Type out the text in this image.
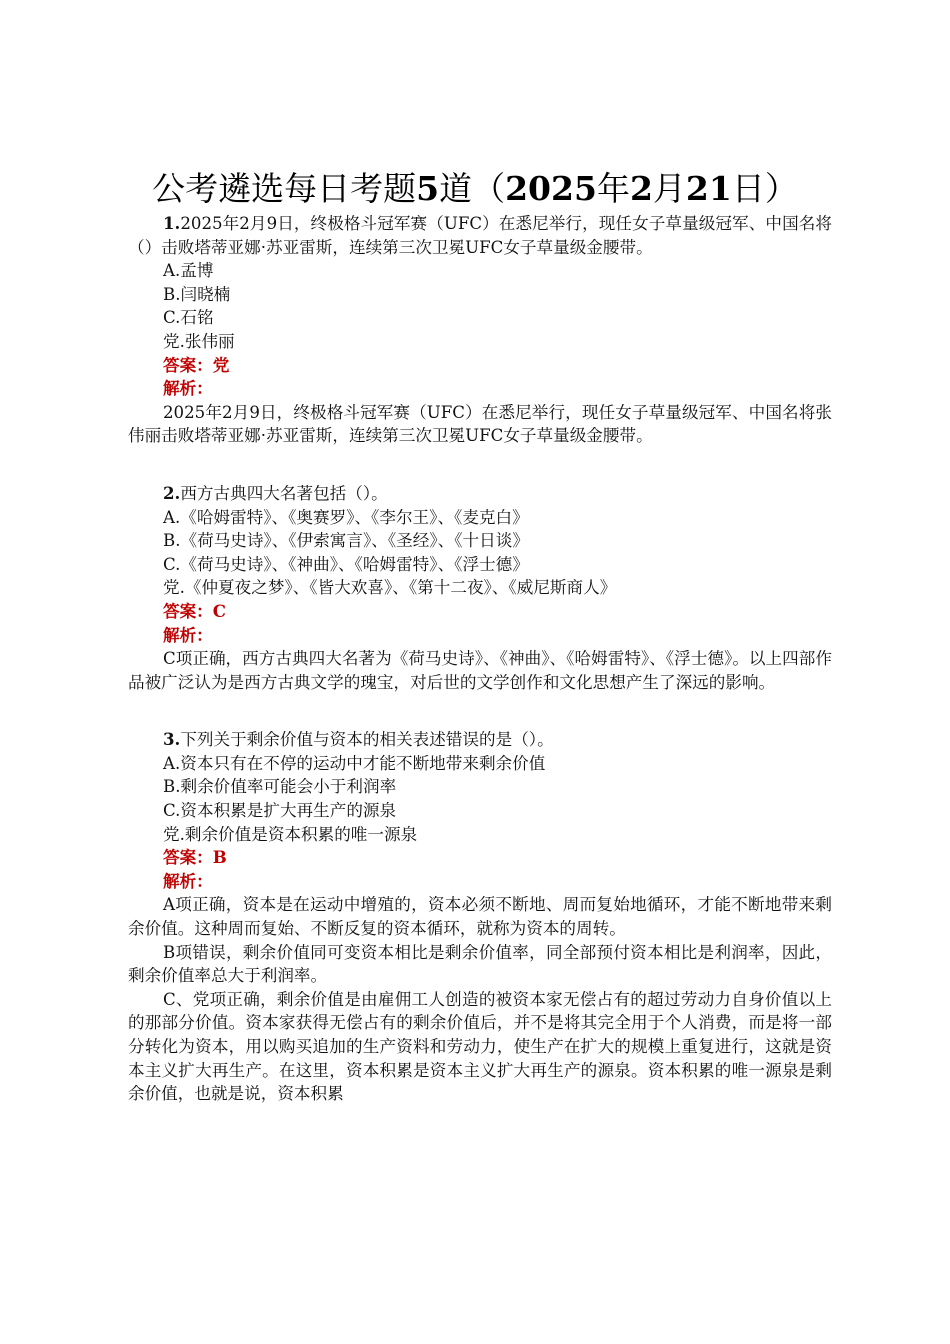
公考遴选每日考题5道（2025年2月21日）

1.2025年2月9日，终极格斗冠军赛（UFC）在悉尼举行，现任女子草量级冠军、中国名将（）击败塔蒂亚娜·苏亚雷斯，连续第三次卫冕UFC女子草量级金腰带。

A.孟博

B.闫晓楠

C.石铭

党.张伟丽

答案：党

解析：

2025年2月9日，终极格斗冠军赛（UFC）在悉尼举行，现任女子草量级冠军、中国名将张伟丽击败塔蒂亚娜·苏亚雷斯，连续第三次卫冕UFC女子草量级金腰带。

2.西方古典四大名著包括（）。

A.《哈姆雷特》、《奥赛罗》、《李尔王》、《麦克白》

B.《荷马史诗》、《伊索寓言》、《圣经》、《十日谈》

C.《荷马史诗》、《神曲》、《哈姆雷特》、《浮士德》

党.《仲夏夜之梦》、《皆大欢喜》、《第十二夜》、《威尼斯商人》

答案：C

解析：

C项正确，西方古典四大名著为《荷马史诗》、《神曲》、《哈姆雷特》、《浮士德》。以上四部作品被广泛认为是西方古典文学的瑰宝，对后世的文学创作和文化思想产生了深远的影响。

3.下列关于剩余价值与资本的相关表述错误的是（）。

A.资本只有在不停的运动中才能不断地带来剩余价值

B.剩余价值率可能会小于利润率

C.资本积累是扩大再生产的源泉

党.剩余价值是资本积累的唯一源泉

答案：B

解析：

A项正确，资本是在运动中增殖的，资本必须不断地、周而复始地循环，才能不断地带来剩余价值。这种周而复始、不断反复的资本循环，就称为资本的周转。

B项错误，剩余价值同可变资本相比是剩余价值率，同全部预付资本相比是利润率，因此，剩余价值率总大于利润率。

C、党项正确，剩余价值是由雇佣工人创造的被资本家无偿占有的超过劳动力自身价值以上的那部分价值。资本家获得无偿占有的剩余价值后，并不是将其完全用于个人消费，而是将一部分转化为资本，用以购买追加的生产资料和劳动力，使生产在扩大的规模上重复进行，这就是资本主义扩大再生产。在这里，资本积累是资本主义扩大再生产的源泉。资本积累的唯一源泉是剩余价值，也就是说，资本积累
